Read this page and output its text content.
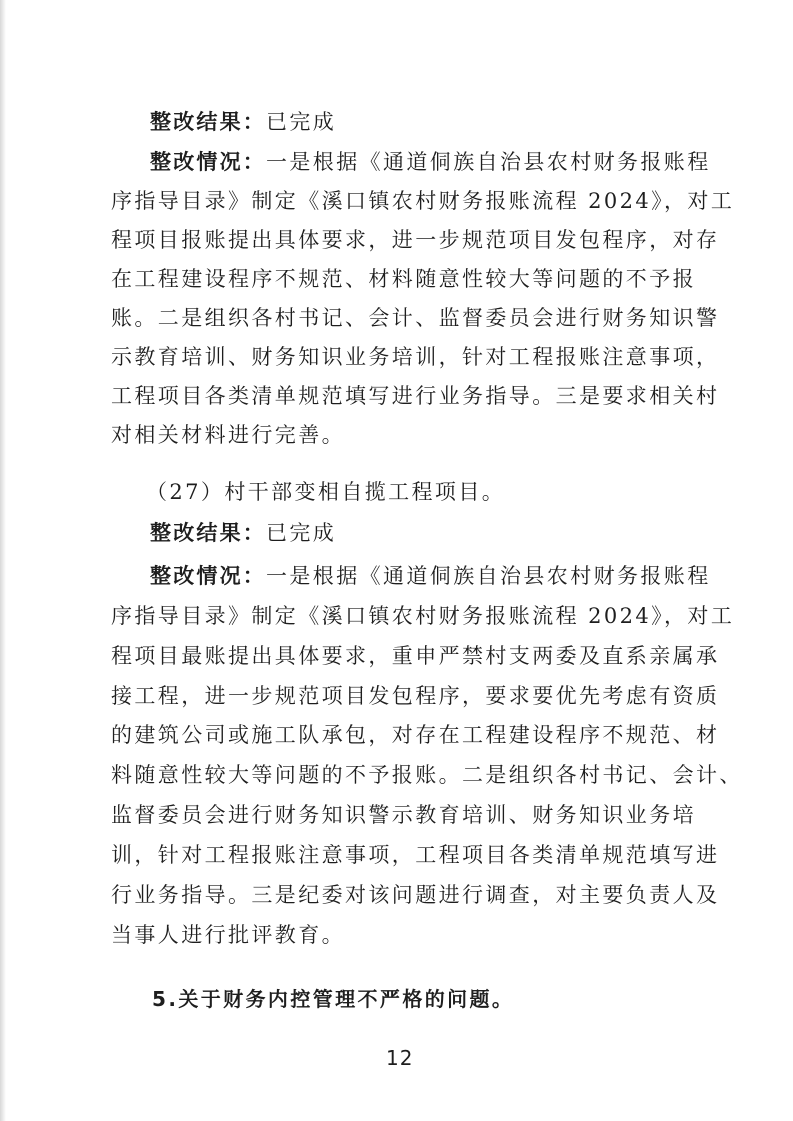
整改结果：已完成
整改情况：一是根据《通道侗族自治县农村财务报账程
序指导目录》制定《溪口镇农村财务报账流程 2024》，对工
程项目报账提出具体要求，进一步规范项目发包程序，对存
在工程建设程序不规范、材料随意性较大等问题的不予报
账。二是组织各村书记、会计、监督委员会进行财务知识警
示教育培训、财务知识业务培训，针对工程报账注意事项，
工程项目各类清单规范填写进行业务指导。三是要求相关村
对相关材料进行完善。
（27）村干部变相自揽工程项目。
整改结果：已完成
整改情况：一是根据《通道侗族自治县农村财务报账程
序指导目录》制定《溪口镇农村财务报账流程 2024》，对工
程项目最账提出具体要求，重申严禁村支两委及直系亲属承
接工程，进一步规范项目发包程序，要求要优先考虑有资质
的建筑公司或施工队承包，对存在工程建设程序不规范、材
料随意性较大等问题的不予报账。二是组织各村书记、会计、
监督委员会进行财务知识警示教育培训、财务知识业务培
训，针对工程报账注意事项，工程项目各类清单规范填写进
行业务指导。三是纪委对该问题进行调查，对主要负责人及
当事人进行批评教育。
5.关于财务内控管理不严格的问题。
12
